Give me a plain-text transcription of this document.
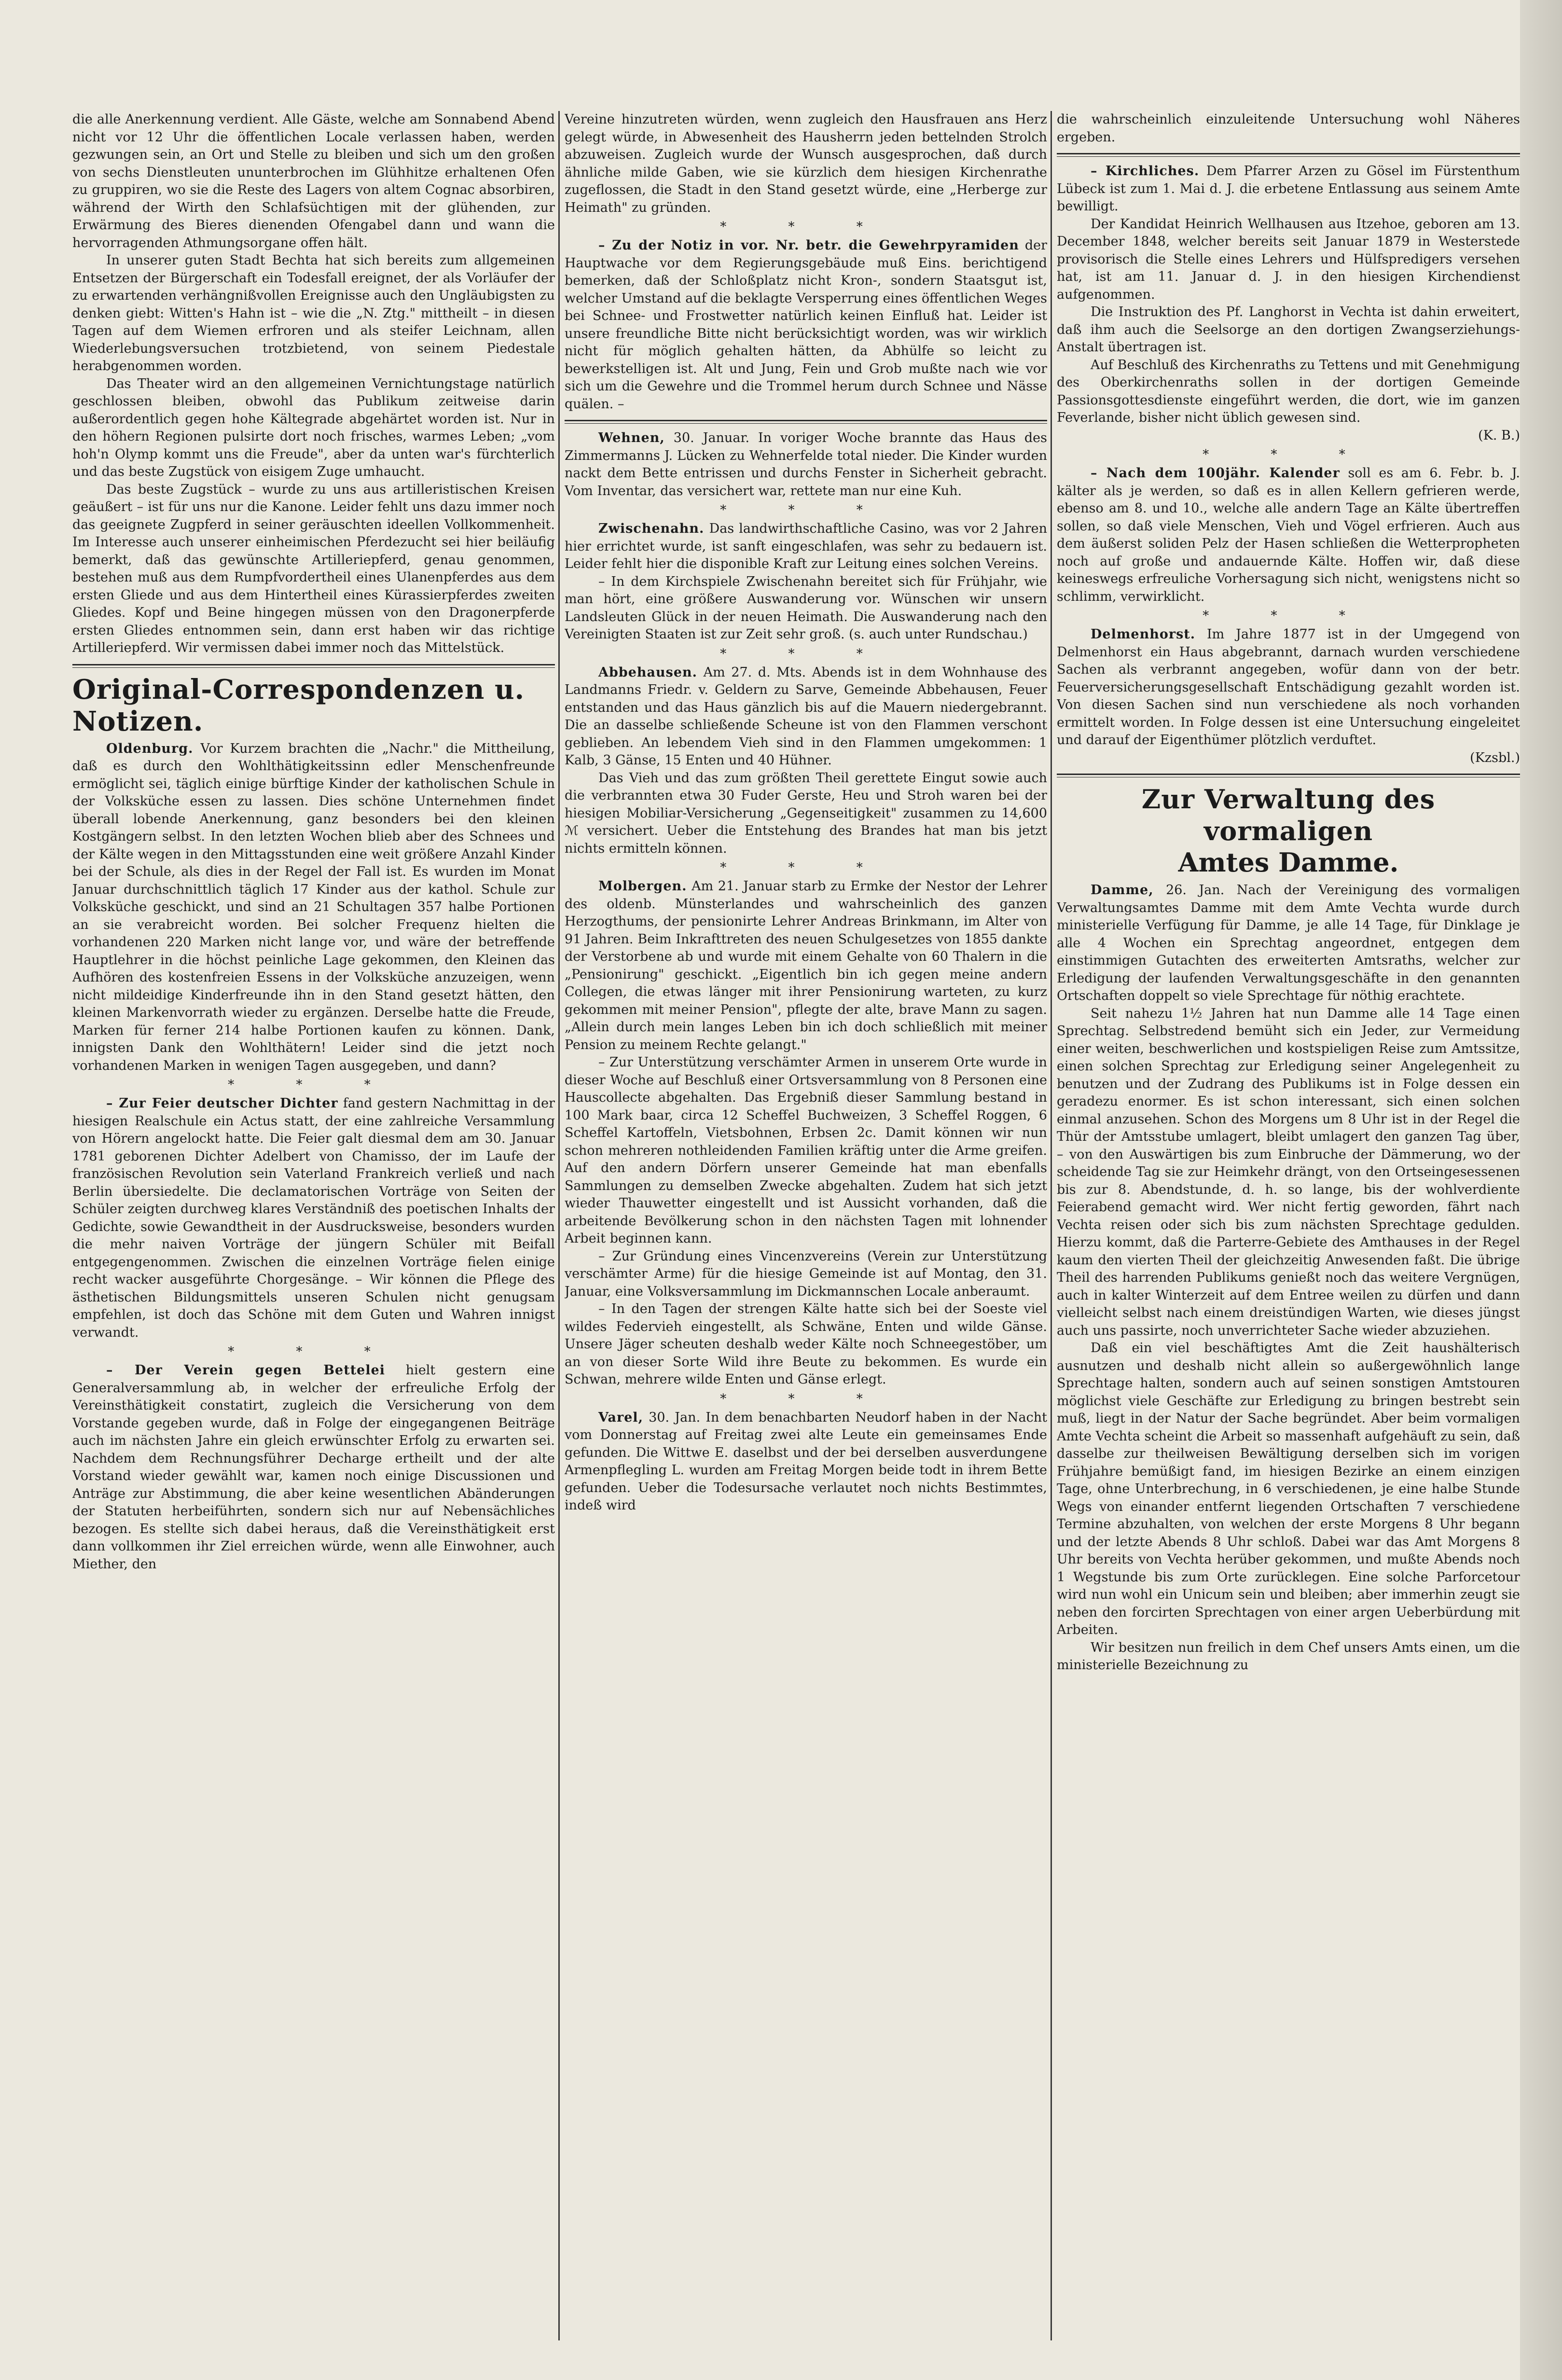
die alle Anerkennung verdient. Alle Gäste, welche am Sonnabend Abend nicht vor 12 Uhr die öffentlichen Locale verlassen haben, werden gezwungen sein, an Ort und Stelle zu bleiben und sich um den großen von sechs Dienstleuten ununterbrochen im Glühhitze erhaltenen Ofen zu gruppiren, wo sie die Reste des Lagers von altem Cognac absorbiren, während der Wirth den Schlafsüchtigen mit der glühenden, zur Erwärmung des Bieres dienenden Ofengabel dann und wann die hervorragenden Athmungsorgane offen hält.

In unserer guten Stadt Bechta hat sich bereits zum allgemeinen Entsetzen der Bürgerschaft ein Todesfall ereignet, der als Vorläufer der zu erwartenden verhängnißvollen Ereignisse auch den Ungläubigsten zu denken giebt: Witten's Hahn ist – wie die „N. Ztg." mittheilt – in diesen Tagen auf dem Wiemen erfroren und als steifer Leichnam, allen Wiederlebungsversuchen trotzbietend, von seinem Piedestale herabgenommen worden.

Das Theater wird an den allgemeinen Vernichtungstage natürlich geschlossen bleiben, obwohl das Publikum zeitweise darin außerordentlich gegen hohe Kältegrade abgehärtet worden ist. Nur in den höhern Regionen pulsirte dort noch frisches, warmes Leben; „vom hoh'n Olymp kommt uns die Freude", aber da unten war's fürchterlich und das beste Zugstück von eisigem Zuge umhaucht.

Das beste Zugstück – wurde zu uns aus artilleristischen Kreisen geäußert – ist für uns nur die Kanone. Leider fehlt uns dazu immer noch das geeignete Zugpferd in seiner geräuschten ideellen Vollkommenheit. Im Interesse auch unserer einheimischen Pferdezucht sei hier beiläufig bemerkt, daß das gewünschte Artilleriepferd, genau genommen, bestehen muß aus dem Rumpfvordertheil eines Ulanenpferdes aus dem ersten Gliede und aus dem Hintertheil eines Kürassierpferdes zweiten Gliedes. Kopf und Beine hingegen müssen von den Dragonerpferde ersten Gliedes entnommen sein, dann erst haben wir das richtige Artilleriepferd. Wir vermissen dabei immer noch das Mittelstück.

Original-Correspondenzen u. Notizen.

Oldenburg. Vor Kurzem brachten die „Nachr." die Mittheilung, daß es durch den Wohlthätigkeitssinn edler Menschenfreunde ermöglicht sei, täglich einige bürftige Kinder der katholischen Schule in der Volksküche essen zu lassen. Dies schöne Unternehmen findet überall lobende Anerkennung, ganz besonders bei den kleinen Kostgängern selbst. In den letzten Wochen blieb aber des Schnees und der Kälte wegen in den Mittagsstunden eine weit größere Anzahl Kinder bei der Schule, als dies in der Regel der Fall ist. Es wurden im Monat Januar durchschnittlich täglich 17 Kinder aus der kathol. Schule zur Volksküche geschickt, und sind an 21 Schultagen 357 halbe Portionen an sie verabreicht worden. Bei solcher Frequenz hielten die vorhandenen 220 Marken nicht lange vor, und wäre der betreffende Hauptlehrer in die höchst peinliche Lage gekommen, den Kleinen das Aufhören des kostenfreien Essens in der Volksküche anzuzeigen, wenn nicht mildeidige Kinderfreunde ihn in den Stand gesetzt hätten, den kleinen Markenvorrath wieder zu ergänzen. Derselbe hatte die Freude, Marken für ferner 214 halbe Portionen kaufen zu können. Dank, innigsten Dank den Wohlthätern! Leider sind die jetzt noch vorhandenen Marken in wenigen Tagen ausgegeben, und dann?

* * *

– Zur Feier deutscher Dichter fand gestern Nachmittag in der hiesigen Realschule ein Actus statt, der eine zahlreiche Versammlung von Hörern angelockt hatte. Die Feier galt diesmal dem am 30. Januar 1781 geborenen Dichter Adelbert von Chamisso, der im Laufe der französischen Revolution sein Vaterland Frankreich verließ und nach Berlin übersiedelte. Die declamatorischen Vorträge von Seiten der Schüler zeigten durchweg klares Verständniß des poetischen Inhalts der Gedichte, sowie Gewandtheit in der Ausdrucksweise, besonders wurden die mehr naiven Vorträge der jüngern Schüler mit Beifall entgegengenommen. Zwischen die einzelnen Vorträge fielen einige recht wacker ausgeführte Chorgesänge. – Wir können die Pflege des ästhetischen Bildungsmittels unseren Schulen nicht genugsam empfehlen, ist doch das Schöne mit dem Guten und Wahren innigst verwandt.

* * *

– Der Verein gegen Bettelei hielt gestern eine Generalversammlung ab, in welcher der erfreuliche Erfolg der Vereinsthätigkeit constatirt, zugleich die Versicherung von dem Vorstande gegeben wurde, daß in Folge der eingegangenen Beiträge auch im nächsten Jahre ein gleich erwünschter Erfolg zu erwarten sei. Nachdem dem Rechnungsführer Decharge ertheilt und der alte Vorstand wieder gewählt war, kamen noch einige Discussionen und Anträge zur Abstimmung, die aber keine wesentlichen Abänderungen der Statuten herbeiführten, sondern sich nur auf Nebensächliches bezogen. Es stellte sich dabei heraus, daß die Vereinsthätigkeit erst dann vollkommen ihr Ziel erreichen würde, wenn alle Einwohner, auch Miether, den

Vereine hinzutreten würden, wenn zugleich den Hausfrauen ans Herz gelegt würde, in Abwesenheit des Hausherrn jeden bettelnden Strolch abzuweisen. Zugleich wurde der Wunsch ausgesprochen, daß durch ähnliche milde Gaben, wie sie kürzlich dem hiesigen Kirchenrathe zugeflossen, die Stadt in den Stand gesetzt würde, eine „Herberge zur Heimath" zu gründen.

* * *

– Zu der Notiz in vor. Nr. betr. die Gewehrpyramiden der Hauptwache vor dem Regierungsgebäude muß Eins. berichtigend bemerken, daß der Schloßplatz nicht Kron-, sondern Staatsgut ist, welcher Umstand auf die beklagte Versperrung eines öffentlichen Weges bei Schnee- und Frostwetter natürlich keinen Einfluß hat. Leider ist unsere freundliche Bitte nicht berücksichtigt worden, was wir wirklich nicht für möglich gehalten hätten, da Abhülfe so leicht zu bewerkstelligen ist. Alt und Jung, Fein und Grob mußte nach wie vor sich um die Gewehre und die Trommel herum durch Schnee und Nässe quälen. –

Wehnen, 30. Januar. In voriger Woche brannte das Haus des Zimmermanns J. Lücken zu Wehnerfelde total nieder. Die Kinder wurden nackt dem Bette entrissen und durchs Fenster in Sicherheit gebracht. Vom Inventar, das versichert war, rettete man nur eine Kuh.

* * *

Zwischenahn. Das landwirthschaftliche Casino, was vor 2 Jahren hier errichtet wurde, ist sanft eingeschlafen, was sehr zu bedauern ist. Leider fehlt hier die disponible Kraft zur Leitung eines solchen Vereins.

– In dem Kirchspiele Zwischenahn bereitet sich für Frühjahr, wie man hört, eine größere Auswanderung vor. Wünschen wir unsern Landsleuten Glück in der neuen Heimath. Die Auswanderung nach den Vereinigten Staaten ist zur Zeit sehr groß. (s. auch unter Rundschau.)

* * *

Abbehausen. Am 27. d. Mts. Abends ist in dem Wohnhause des Landmanns Friedr. v. Geldern zu Sarve, Gemeinde Abbehausen, Feuer entstanden und das Haus gänzlich bis auf die Mauern niedergebrannt. Die an dasselbe schließende Scheune ist von den Flammen verschont geblieben. An lebendem Vieh sind in den Flammen umgekommen: 1 Kalb, 3 Gänse, 15 Enten und 40 Hühner.

Das Vieh und das zum größten Theil gerettete Eingut sowie auch die verbrannten etwa 30 Fuder Gerste, Heu und Stroh waren bei der hiesigen Mobiliar-Versicherung „Gegenseitigkeit" zusammen zu 14,600 ℳ versichert. Ueber die Entstehung des Brandes hat man bis jetzt nichts ermitteln können.

* * *

Molbergen. Am 21. Januar starb zu Ermke der Nestor der Lehrer des oldenb. Münsterlandes und wahrscheinlich des ganzen Herzogthums, der pensionirte Lehrer Andreas Brinkmann, im Alter von 91 Jahren. Beim Inkrafttreten des neuen Schulgesetzes von 1855 dankte der Verstorbene ab und wurde mit einem Gehalte von 60 Thalern in die „Pensionirung" geschickt. „Eigentlich bin ich gegen meine andern Collegen, die etwas länger mit ihrer Pensionirung warteten, zu kurz gekommen mit meiner Pension", pflegte der alte, brave Mann zu sagen. „Allein durch mein langes Leben bin ich doch schließlich mit meiner Pension zu meinem Rechte gelangt."

– Zur Unterstützung verschämter Armen in unserem Orte wurde in dieser Woche auf Beschluß einer Ortsversammlung von 8 Personen eine Hauscollecte abgehalten. Das Ergebniß dieser Sammlung bestand in 100 Mark baar, circa 12 Scheffel Buchweizen, 3 Scheffel Roggen, 6 Scheffel Kartoffeln, Vietsbohnen, Erbsen 2c. Damit können wir nun schon mehreren nothleidenden Familien kräftig unter die Arme greifen. Auf den andern Dörfern unserer Gemeinde hat man ebenfalls Sammlungen zu demselben Zwecke abgehalten. Zudem hat sich jetzt wieder Thauwetter eingestellt und ist Aussicht vorhanden, daß die arbeitende Bevölkerung schon in den nächsten Tagen mit lohnender Arbeit beginnen kann.

– Zur Gründung eines Vincenzvereins (Verein zur Unterstützung verschämter Arme) für die hiesige Gemeinde ist auf Montag, den 31. Januar, eine Volksversammlung im Dickmannschen Locale anberaumt.

– In den Tagen der strengen Kälte hatte sich bei der Soeste viel wildes Federvieh eingestellt, als Schwäne, Enten und wilde Gänse. Unsere Jäger scheuten deshalb weder Kälte noch Schneegestöber, um an von dieser Sorte Wild ihre Beute zu bekommen. Es wurde ein Schwan, mehrere wilde Enten und Gänse erlegt.

* * *

Varel, 30. Jan. In dem benachbarten Neudorf haben in der Nacht vom Donnerstag auf Freitag zwei alte Leute ein gemeinsames Ende gefunden. Die Wittwe E. daselbst und der bei derselben ausverdungene Armenpflegling L. wurden am Freitag Morgen beide todt in ihrem Bette gefunden. Ueber die Todesursache verlautet noch nichts Bestimmtes, indeß wird

die wahrscheinlich einzuleitende Untersuchung wohl Näheres ergeben.

– Kirchliches. Dem Pfarrer Arzen zu Gösel im Fürstenthum Lübeck ist zum 1. Mai d. J. die erbetene Entlassung aus seinem Amte bewilligt.

Der Kandidat Heinrich Wellhausen aus Itzehoe, geboren am 13. December 1848, welcher bereits seit Januar 1879 in Westerstede provisorisch die Stelle eines Lehrers und Hülfspredigers versehen hat, ist am 11. Januar d. J. in den hiesigen Kirchendienst aufgenommen.

Die Instruktion des Pf. Langhorst in Vechta ist dahin erweitert, daß ihm auch die Seelsorge an den dortigen Zwangserziehungs-Anstalt übertragen ist.

Auf Beschluß des Kirchenraths zu Tettens und mit Genehmigung des Oberkirchenraths sollen in der dortigen Gemeinde Passionsgottesdienste eingeführt werden, die dort, wie im ganzen Feverlande, bisher nicht üblich gewesen sind.

(K. B.)

* * *

– Nach dem 100jähr. Kalender soll es am 6. Febr. b. J. kälter als je werden, so daß es in allen Kellern gefrieren werde, ebenso am 8. und 10., welche alle andern Tage an Kälte übertreffen sollen, so daß viele Menschen, Vieh und Vögel erfrieren. Auch aus dem äußerst soliden Pelz der Hasen schließen die Wetterpropheten noch auf große und andauernde Kälte. Hoffen wir, daß diese keineswegs erfreuliche Vorhersagung sich nicht, wenigstens nicht so schlimm, verwirklicht.

* * *

Delmenhorst. Im Jahre 1877 ist in der Umgegend von Delmenhorst ein Haus abgebrannt, darnach wurden verschiedene Sachen als verbrannt angegeben, wofür dann von der betr. Feuerversicherungsgesellschaft Entschädigung gezahlt worden ist. Von diesen Sachen sind nun verschiedene als noch vorhanden ermittelt worden. In Folge dessen ist eine Untersuchung eingeleitet und darauf der Eigenthümer plötzlich verduftet.

(Kzsbl.)

Zur Verwaltung des vormaligen
Amtes Damme.

Damme, 26. Jan. Nach der Vereinigung des vormaligen Verwaltungsamtes Damme mit dem Amte Vechta wurde durch ministerielle Verfügung für Damme, je alle 14 Tage, für Dinklage je alle 4 Wochen ein Sprechtag angeordnet, entgegen dem einstimmigen Gutachten des erweiterten Amtsraths, welcher zur Erledigung der laufenden Verwaltungsgeschäfte in den genannten Ortschaften doppelt so viele Sprechtage für nöthig erachtete.

Seit nahezu 1½ Jahren hat nun Damme alle 14 Tage einen Sprechtag. Selbstredend bemüht sich ein Jeder, zur Vermeidung einer weiten, beschwerlichen und kostspieligen Reise zum Amtssitze, einen solchen Sprechtag zur Erledigung seiner Angelegenheit zu benutzen und der Zudrang des Publikums ist in Folge dessen ein geradezu enormer. Es ist schon interessant, sich einen solchen einmal anzusehen. Schon des Morgens um 8 Uhr ist in der Regel die Thür der Amtsstube umlagert, bleibt umlagert den ganzen Tag über, – von den Auswärtigen bis zum Einbruche der Dämmerung, wo der scheidende Tag sie zur Heimkehr drängt, von den Ortseingesessenen bis zur 8. Abendstunde, d. h. so lange, bis der wohlverdiente Feierabend gemacht wird. Wer nicht fertig geworden, fährt nach Vechta reisen oder sich bis zum nächsten Sprechtage gedulden. Hierzu kommt, daß die Parterre-Gebiete des Amthauses in der Regel kaum den vierten Theil der gleichzeitig Anwesenden faßt. Die übrige Theil des harrenden Publikums genießt noch das weitere Vergnügen, auch in kalter Winterzeit auf dem Entree weilen zu dürfen und dann vielleicht selbst nach einem dreistündigen Warten, wie dieses jüngst auch uns passirte, noch unverrichteter Sache wieder abzuziehen.

Daß ein viel beschäftigtes Amt die Zeit haushälterisch ausnutzen und deshalb nicht allein so außergewöhnlich lange Sprechtage halten, sondern auch auf seinen sonstigen Amtstouren möglichst viele Geschäfte zur Erledigung zu bringen bestrebt sein muß, liegt in der Natur der Sache begründet. Aber beim vormaligen Amte Vechta scheint die Arbeit so massenhaft aufgehäuft zu sein, daß dasselbe zur theilweisen Bewältigung derselben sich im vorigen Frühjahre bemüßigt fand, im hiesigen Bezirke an einem einzigen Tage, ohne Unterbrechung, in 6 verschiedenen, je eine halbe Stunde Wegs von einander entfernt liegenden Ortschaften 7 verschiedene Termine abzuhalten, von welchen der erste Morgens 8 Uhr begann und der letzte Abends 8 Uhr schloß. Dabei war das Amt Morgens 8 Uhr bereits von Vechta herüber gekommen, und mußte Abends noch 1 Wegstunde bis zum Orte zurücklegen. Eine solche Parforcetour wird nun wohl ein Unicum sein und bleiben; aber immerhin zeugt sie neben den forcirten Sprechtagen von einer argen Ueberbürdung mit Arbeiten.

Wir besitzen nun freilich in dem Chef unsers Amts einen, um die ministerielle Bezeichnung zu
